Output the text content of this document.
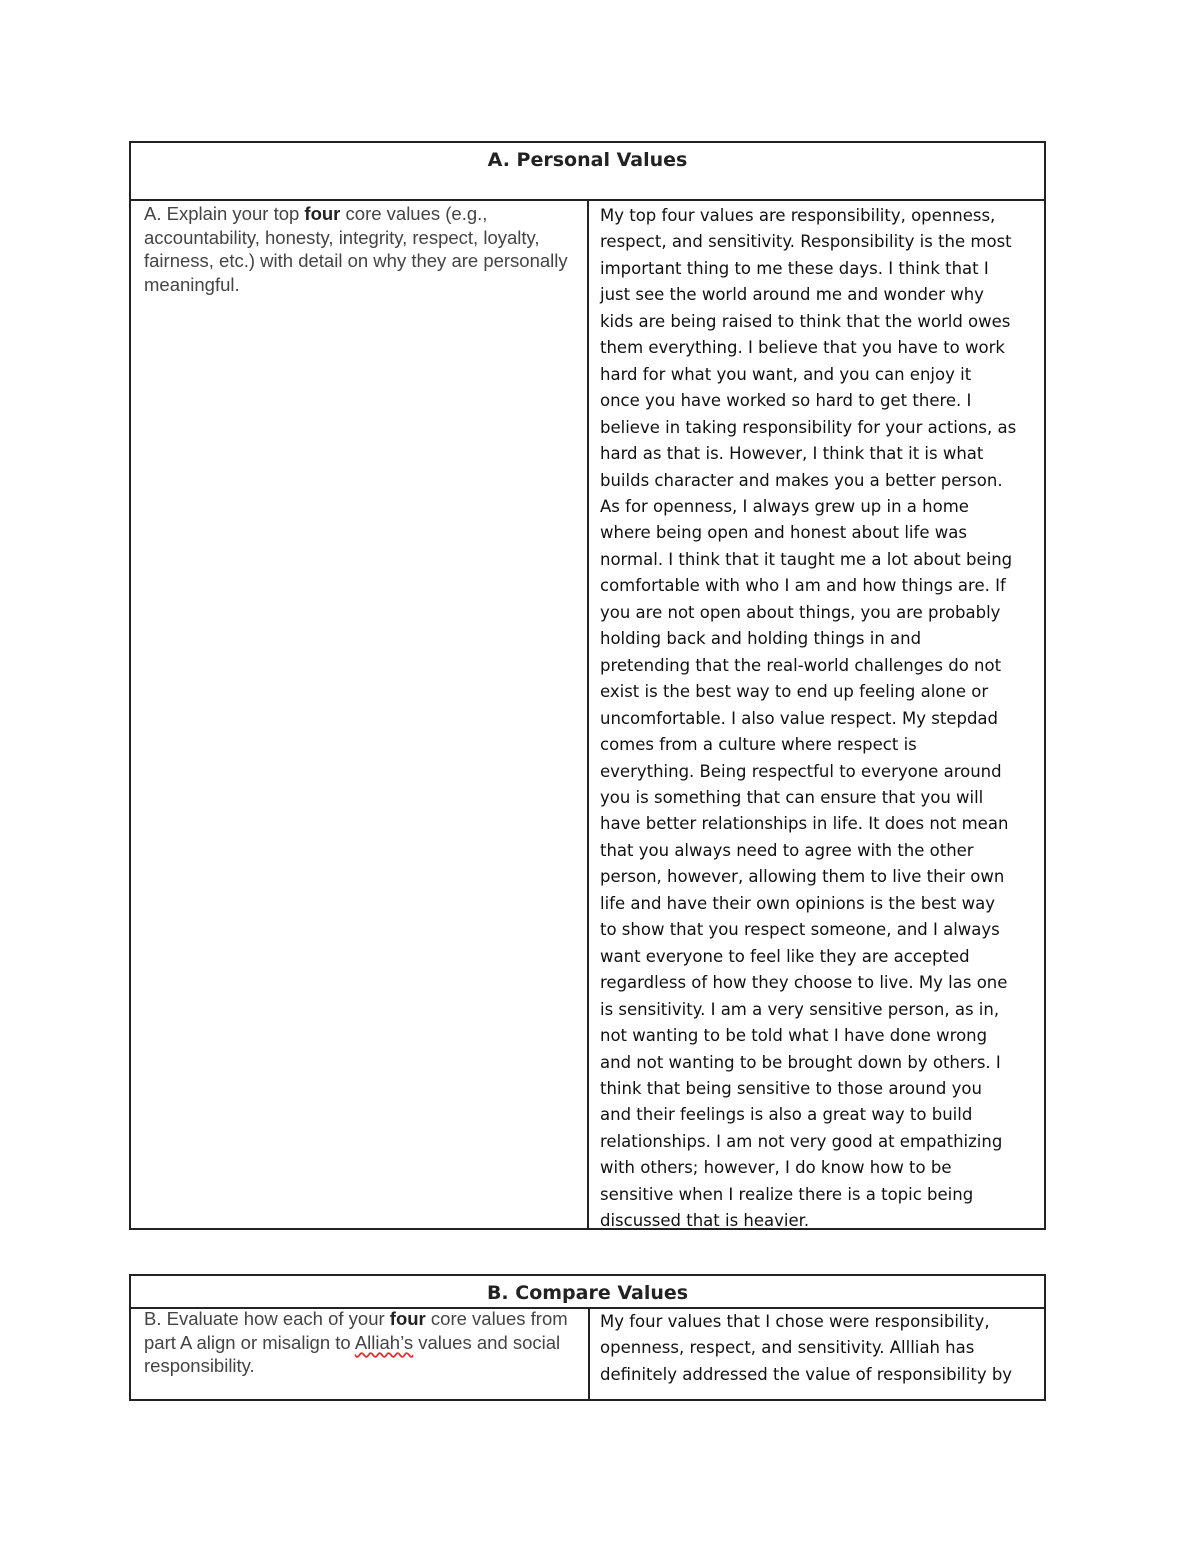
A. Personal Values
A. Explain your top four core values (e.g., accountability, honesty, integrity, respect, loyalty, fairness, etc.) with detail on why they are personally meaningful.
My top four values are responsibility, openness,
respect, and sensitivity. Responsibility is the most
important thing to me these days. I think that I
just see the world around me and wonder why
kids are being raised to think that the world owes
them everything. I believe that you have to work
hard for what you want, and you can enjoy it
once you have worked so hard to get there. I
believe in taking responsibility for your actions, as
hard as that is. However, I think that it is what
builds character and makes you a better person.
As for openness, I always grew up in a home
where being open and honest about life was
normal. I think that it taught me a lot about being
comfortable with who I am and how things are. If
you are not open about things, you are probably
holding back and holding things in and
pretending that the real-world challenges do not
exist is the best way to end up feeling alone or
uncomfortable. I also value respect. My stepdad
comes from a culture where respect is
everything. Being respectful to everyone around
you is something that can ensure that you will
have better relationships in life. It does not mean
that you always need to agree with the other
person, however, allowing them to live their own
life and have their own opinions is the best way
to show that you respect someone, and I always
want everyone to feel like they are accepted
regardless of how they choose to live. My las one
is sensitivity. I am a very sensitive person, as in,
not wanting to be told what I have done wrong
and not wanting to be brought down by others. I
think that being sensitive to those around you
and their feelings is also a great way to build
relationships. I am not very good at empathizing
with others; however, I do know how to be
sensitive when I realize there is a topic being
discussed that is heavier.
B. Compare Values
B. Evaluate how each of your four core values from part A align or misalign to Alliah’s values and social responsibility.
My four values that I chose were responsibility,
openness, respect, and sensitivity. Allliah has
definitely addressed the value of responsibility by
